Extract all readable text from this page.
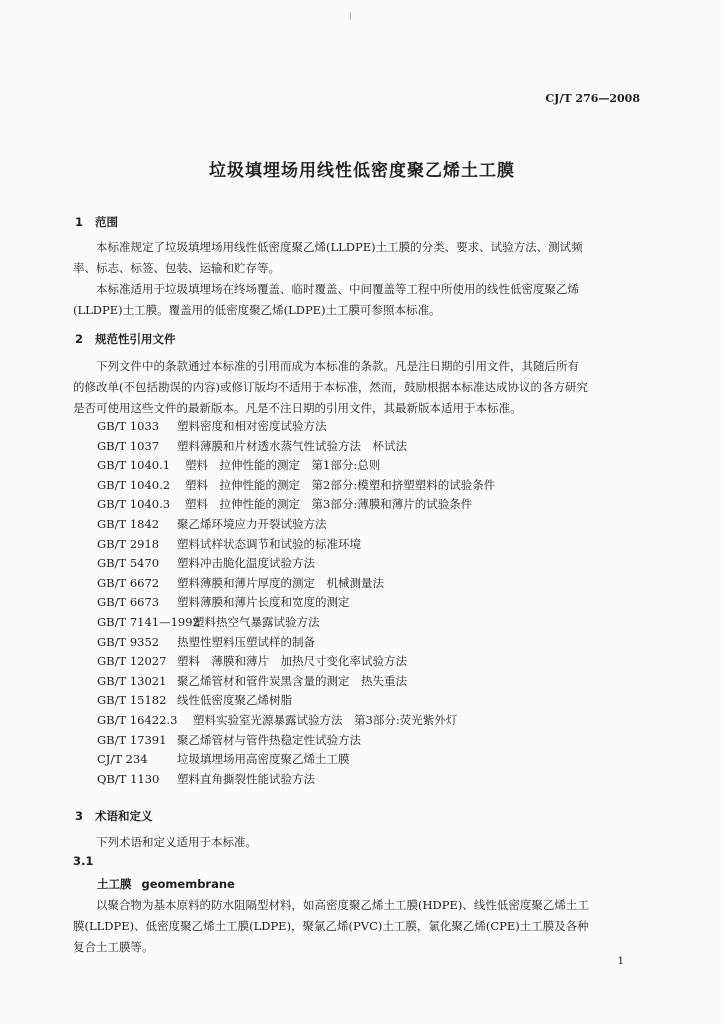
CJ/T 276—2008
垃圾填埋场用线性低密度聚乙烯土工膜
1 范围
本标准规定了垃圾填埋场用线性低密度聚乙烯(LLDPE)土工膜的分类、要求、试验方法、测试频
率、标志、标签、包装、运输和贮存等。
本标准适用于垃圾填埋场在终场覆盖、临时覆盖、中间覆盖等工程中所使用的线性低密度聚乙烯
(LLDPE)土工膜。覆盖用的低密度聚乙烯(LDPE)土工膜可参照本标准。
2 规范性引用文件
下列文件中的条款通过本标准的引用而成为本标准的条款。凡是注日期的引用文件，其随后所有
的修改单(不包括勘误的内容)或修订版均不适用于本标准，然而，鼓励根据本标准达成协议的各方研究
是否可使用这些文件的最新版本。凡是不注日期的引用文件，其最新版本适用于本标准。
GB/T 1033 塑料密度和相对密度试验方法
GB/T 1037 塑料薄膜和片材透水蒸气性试验方法　杯试法
GB/T 1040.1 塑料　拉伸性能的测定　第1部分:总则
GB/T 1040.2 塑料　拉伸性能的测定　第2部分:模塑和挤塑塑料的试验条件
GB/T 1040.3 塑料　拉伸性能的测定　第3部分:薄膜和薄片的试验条件
GB/T 1842 聚乙烯环境应力开裂试验方法
GB/T 2918 塑料试样状态调节和试验的标准环境
GB/T 5470 塑料冲击脆化温度试验方法
GB/T 6672 塑料薄膜和薄片厚度的测定　机械测量法
GB/T 6673 塑料薄膜和薄片长度和宽度的测定
GB/T 7141—1992塑料热空气暴露试验方法
GB/T 9352 热塑性塑料压塑试样的制备
GB/T 12027 塑料　薄膜和薄片　加热尺寸变化率试验方法
GB/T 13021 聚乙烯管材和管件炭黑含量的测定　热失重法
GB/T 15182 线性低密度聚乙烯树脂
GB/T 16422.3 塑料实验室光源暴露试验方法　第3部分:荧光紫外灯
GB/T 17391 聚乙烯管材与管件热稳定性试验方法
CJ/T 234	垃圾填埋场用高密度聚乙烯土工膜
QB/T 1130 塑料直角撕裂性能试验方法
3 术语和定义
下列术语和定义适用于本标准。
3.1
土工膜 geomembrane
以聚合物为基本原料的防水阻隔型材料，如高密度聚乙烯土工膜(HDPE)、线性低密度聚乙烯土工
膜(LLDPE)、低密度聚乙烯土工膜(LDPE)，聚氯乙烯(PVC)土工膜，氯化聚乙烯(CPE)土工膜及各种
复合土工膜等。
1
